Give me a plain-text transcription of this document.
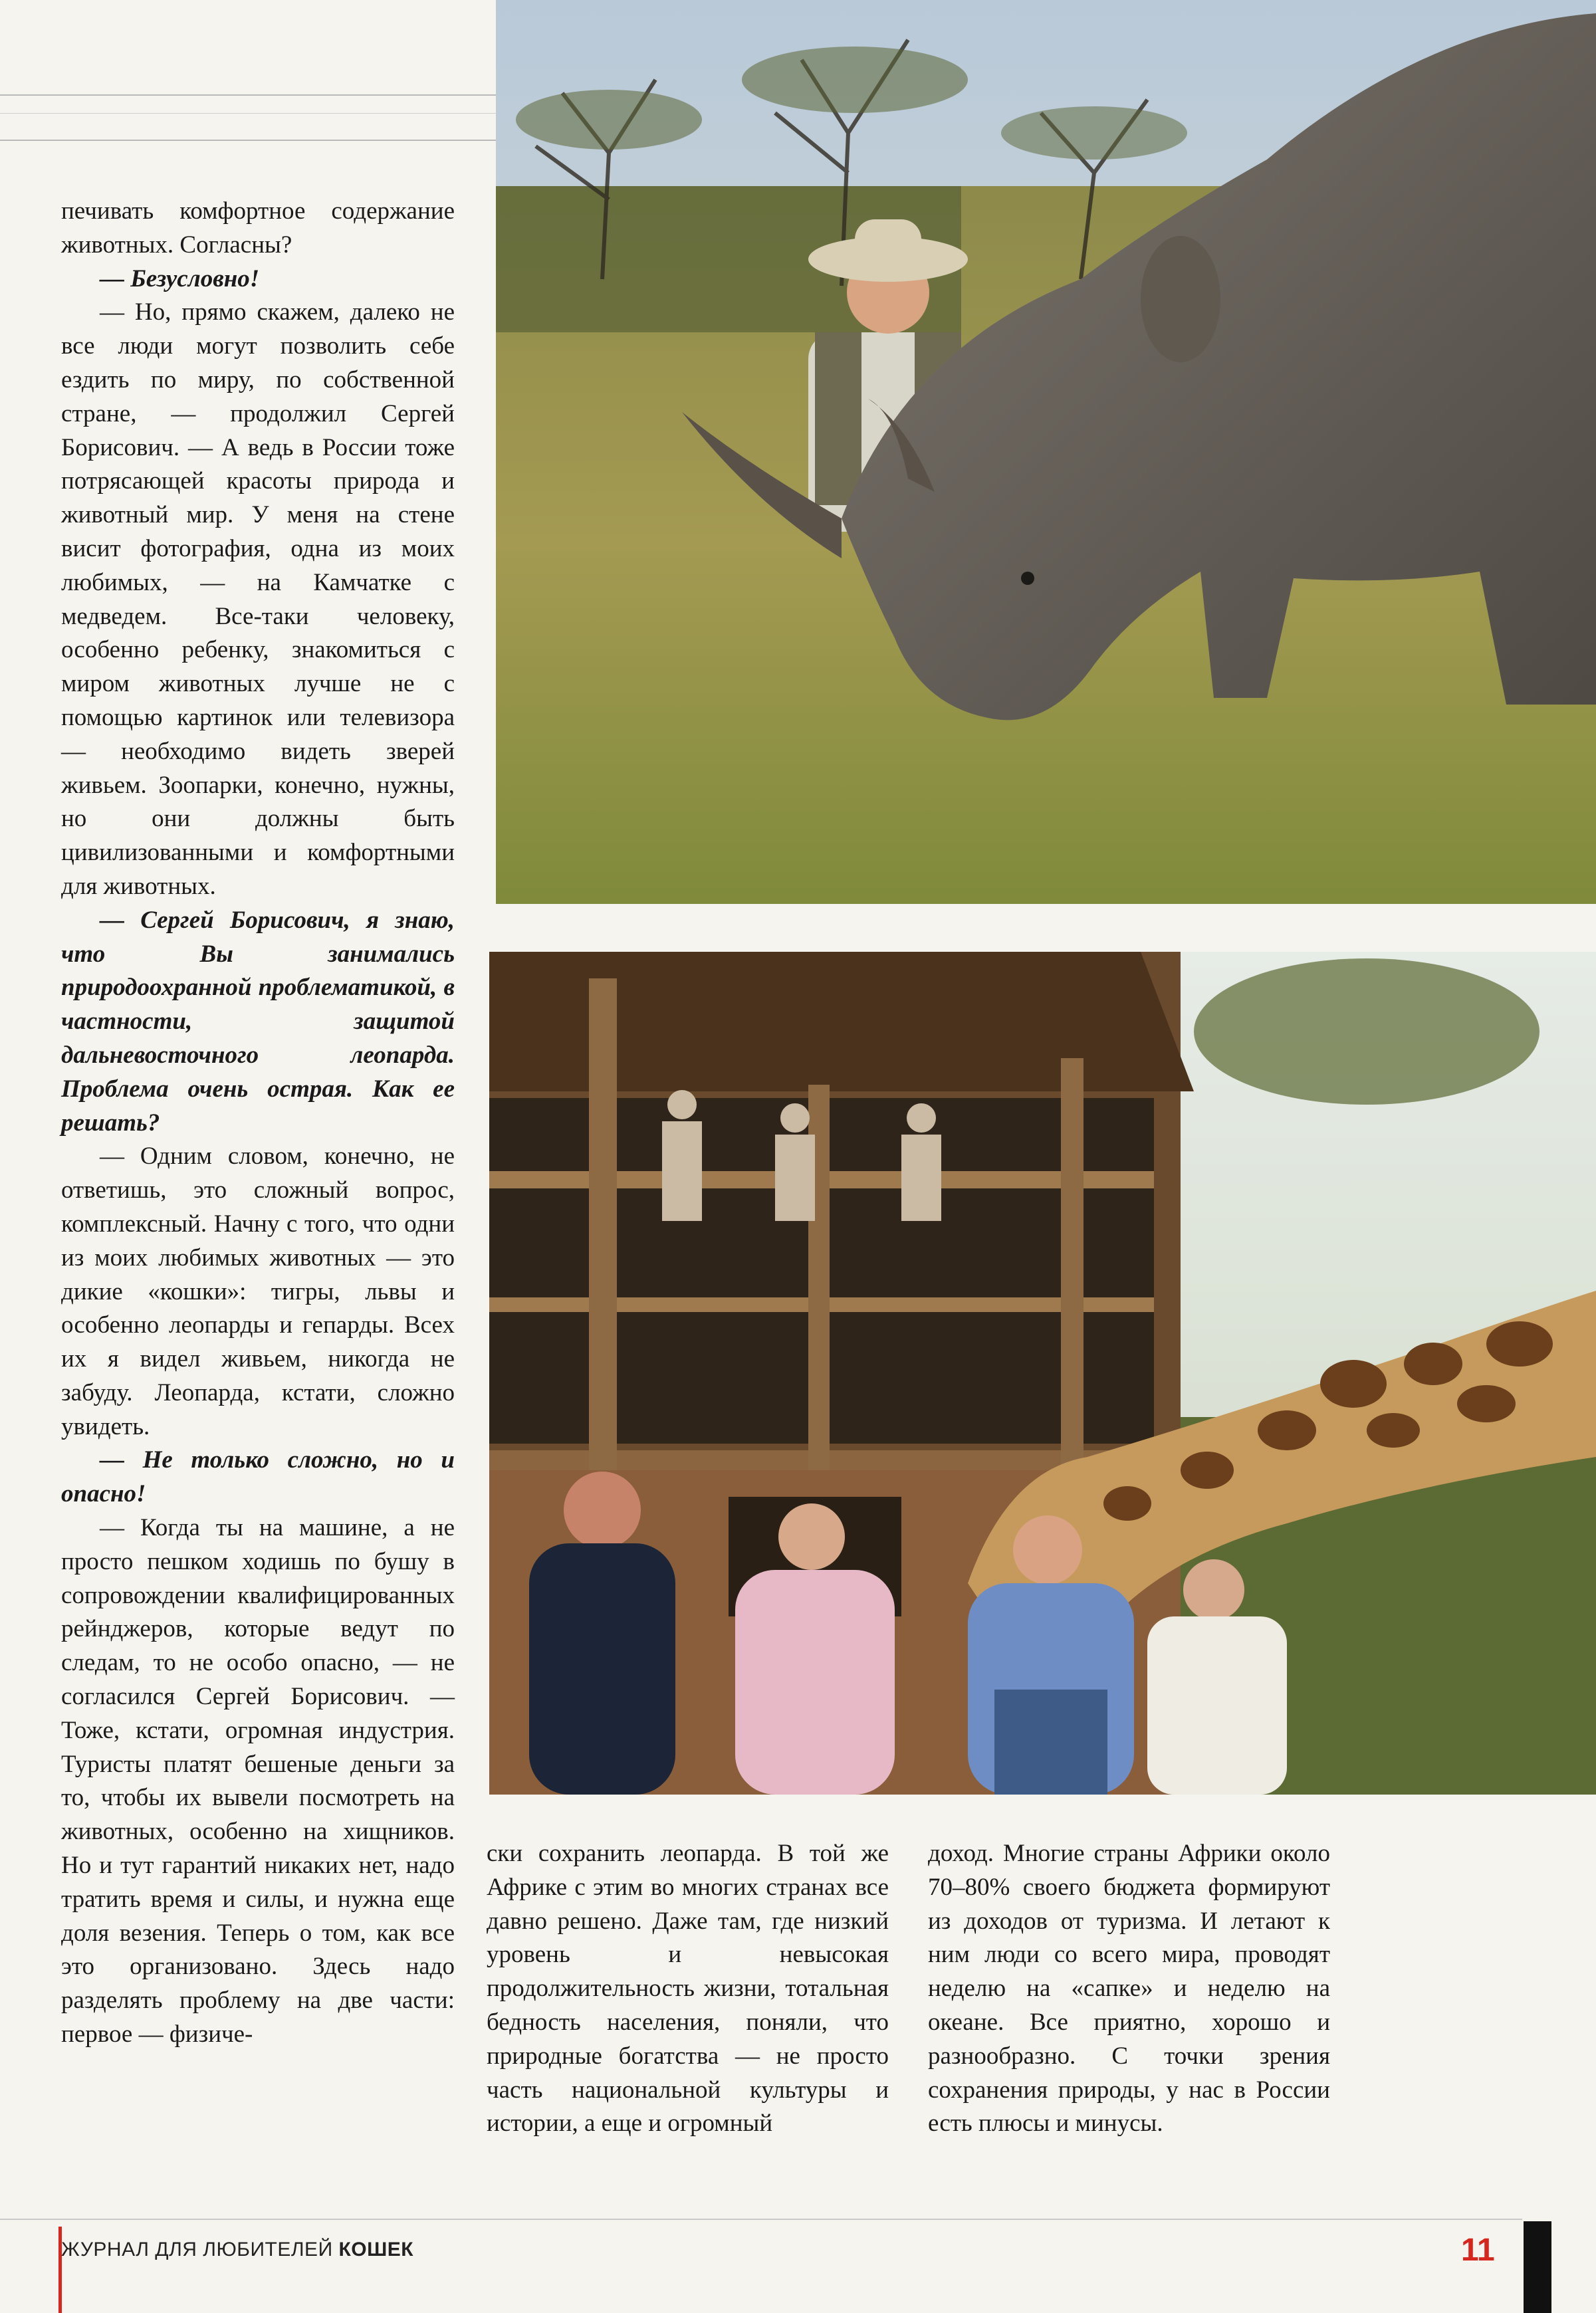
печивать комфортное содержание животных. Согласны?

— Безусловно!

— Но, прямо скажем, далеко не все люди могут позволить себе ездить по миру, по собственной стране, — продолжил Сергей Борисович. — А ведь в России тоже потрясающей красоты природа и животный мир. У меня на стене висит фотография, одна из моих любимых, — на Камчатке с медведем. Все-таки человеку, особенно ребенку, знакомиться с миром животных лучше не с помощью картинок или телевизора — необходимо видеть зверей живьем. Зоопарки, конечно, нужны, но они должны быть цивилизованными и комфортными для животных.

— Сергей Борисович, я знаю, что Вы занимались природоохранной проблематикой, в частности, защитой дальневосточного леопарда. Проблема очень острая. Как ее решать?

— Одним словом, конечно, не ответишь, это сложный вопрос, комплексный. Начну с того, что одни из моих любимых животных — это дикие «кошки»: тигры, львы и особенно леопарды и гепарды. Всех их я видел живьем, никогда не забуду. Леопарда, кстати, сложно увидеть.

— Не только сложно, но и опасно!

— Когда ты на машине, а не просто пешком ходишь по бушу в сопровождении квалифицированных рейнджеров, которые ведут по следам, то не особо опасно, — не согласился Сергей Борисович. — Тоже, кстати, огромная индустрия. Туристы платят бешеные деньги за то, чтобы их вывели посмотреть на животных, особенно на хищников. Но и тут гарантий никаких нет, надо тратить время и силы, и нужна еще доля везения. Теперь о том, как все это организовано. Здесь надо разделять проблему на две части: первое — физиче-

ски сохранить леопарда. В той же Африке с этим во многих странах все давно решено. Даже там, где низкий уровень и невысокая продолжительность жизни, тотальная бедность населения, поняли, что природные богатства — не просто часть национальной культуры и истории, а еще и огромный

доход. Многие страны Африки около 70–80% своего бюджета формируют из доходов от туризма. И летают к ним люди со всего мира, проводят неделю на «сапке» и неделю на океане. Все приятно, хорошо и разнообразно. С точки зрения сохранения природы, у нас в России есть плюсы и минусы.

ЖУРНАЛ ДЛЯ ЛЮБИТЕЛЕЙ КОШЕК	11
